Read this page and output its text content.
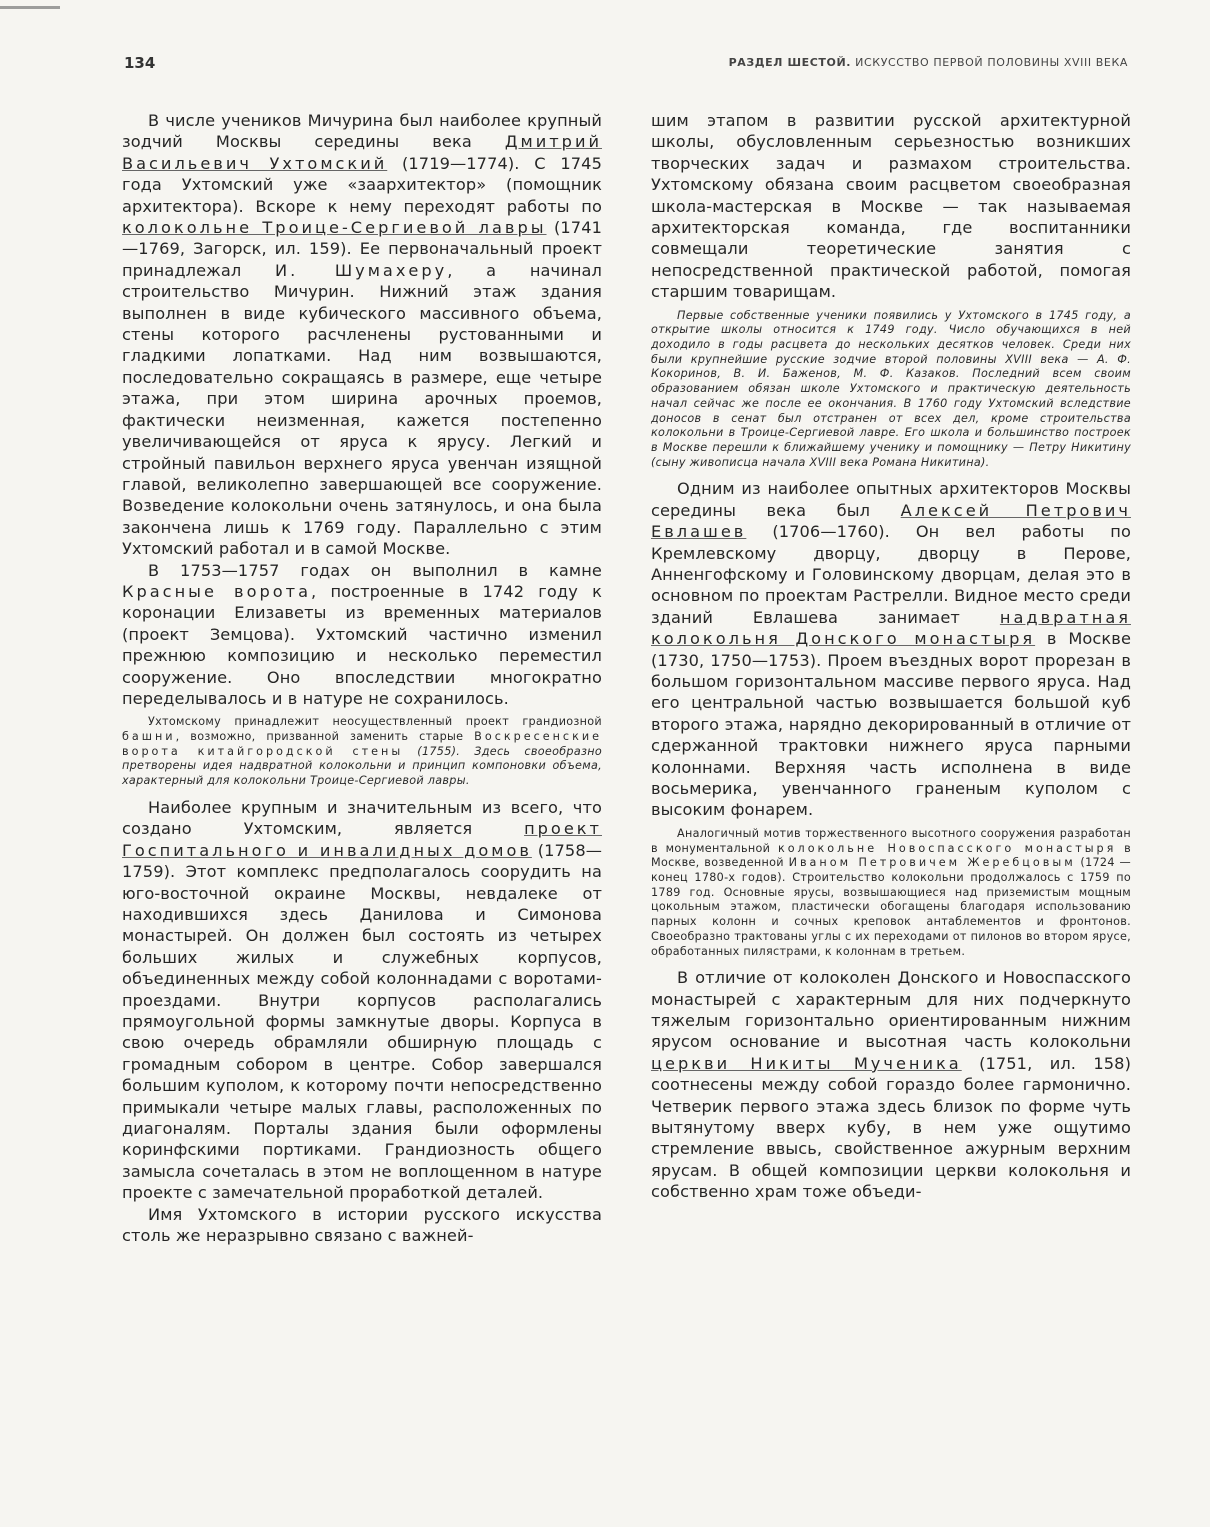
134	РАЗДЕЛ ШЕСТОЙ. ИСКУССТВО ПЕРВОЙ ПОЛОВИНЫ XVIII ВЕКА

В числе учеников Мичурина был наиболее крупный зодчий Москвы середины века Дмитрий Васильевич Ухтомский (1719—1774). С 1745 года Ухтомский уже «заархитектор» (помощник архитектора). Вскоре к нему переходят работы по колокольне Троице-Сергиевой лавры (1741—1769, Загорск, ил. 159). Ее первоначальный проект принадлежал И. Шумахеру, а начинал строительство Мичурин. Нижний этаж здания выполнен в виде кубического массивного объема, стены которого расчленены рустованными и гладкими лопатками. Над ним возвышаются, последовательно сокращаясь в размере, еще четыре этажа, при этом ширина арочных проемов, фактически неизменная, кажется постепенно увеличивающейся от яруса к ярусу. Легкий и стройный павильон верхнего яруса увенчан изящной главой, великолепно завершающей все сооружение. Возведение колокольни очень затянулось, и она была закончена лишь к 1769 году. Параллельно с этим Ухтомский работал и в самой Москве.

В 1753—1757 годах он выполнил в камне Красные ворота, построенные в 1742 году к коронации Елизаветы из временных материалов (проект Земцова). Ухтомский частично изменил прежнюю композицию и несколько переместил сооружение. Оно впоследствии многократно переделывалось и в натуре не сохранилось.

Ухтомскому принадлежит неосуществленный проект грандиозной башни, возможно, призванной заменить старые Воскресенские ворота китайгородской стены (1755). Здесь своеобразно претворены идея надвратной колокольни и принцип компоновки объема, характерный для колокольни Троице-Сергиевой лавры.

Наиболее крупным и значительным из всего, что создано Ухтомским, является проект Госпитального и инвалидных домов (1758—1759). Этот комплекс предполагалось соорудить на юго-восточной окраине Москвы, невдалеке от находившихся здесь Данилова и Симонова монастырей. Он должен был состоять из четырех больших жилых и служебных корпусов, объединенных между собой колоннадами с воротами-проездами. Внутри корпусов располагались прямоугольной формы замкнутые дворы. Корпуса в свою очередь обрамляли обширную площадь с громадным собором в центре. Собор завершался большим куполом, к которому почти непосредственно примыкали четыре малых главы, расположенных по диагоналям. Порталы здания были оформлены коринфскими портиками. Грандиозность общего замысла сочеталась в этом не воплощенном в натуре проекте с замечательной проработкой деталей.

Имя Ухтомского в истории русского искусства столь же неразрывно связано с важней-

шим этапом в развитии русской архитектурной школы, обусловленным серьезностью возникших творческих задач и размахом строительства. Ухтомскому обязана своим расцветом своеобразная школа-мастерская в Москве — так называемая архитекторская команда, где воспитанники совмещали теоретические занятия с непосредственной практической работой, помогая старшим товарищам.

Первые собственные ученики появились у Ухтомского в 1745 году, а открытие школы относится к 1749 году. Число обучающихся в ней доходило в годы расцвета до нескольких десятков человек. Среди них были крупнейшие русские зодчие второй половины XVIII века — А. Ф. Кокоринов, В. И. Баженов, М. Ф. Казаков. Последний всем своим образованием обязан школе Ухтомского и практическую деятельность начал сейчас же после ее окончания. В 1760 году Ухтомский вследствие доносов в сенат был отстранен от всех дел, кроме строительства колокольни в Троице-Сергиевой лавре. Его школа и большинство построек в Москве перешли к ближайшему ученику и помощнику — Петру Никитину (сыну живописца начала XVIII века Романа Никитина).

Одним из наиболее опытных архитекторов Москвы середины века был Алексей Петрович Евлашев (1706—1760). Он вел работы по Кремлевскому дворцу, дворцу в Перове, Анненгофскому и Головинскому дворцам, делая это в основном по проектам Растрелли. Видное место среди зданий Евлашева занимает надвратная колокольня Донского монастыря в Москве (1730, 1750—1753). Проем въездных ворот прорезан в большом горизонтальном массиве первого яруса. Над его центральной частью возвышается большой куб второго этажа, нарядно декорированный в отличие от сдержанной трактовки нижнего яруса парными колоннами. Верхняя часть исполнена в виде восьмерика, увенчанного граненым куполом с высоким фонарем.

Аналогичный мотив торжественного высотного сооружения разработан в монументальной колокольне Новоспасского монастыря в Москве, возведенной Иваном Петровичем Жеребцовым (1724 — конец 1780-х годов). Строительство колокольни продолжалось с 1759 по 1789 год. Основные ярусы, возвышающиеся над приземистым мощным цокольным этажом, пластически обогащены благодаря использованию парных колонн и сочных креповок антаблементов и фронтонов. Своеобразно трактованы углы с их переходами от пилонов во втором ярусе, обработанных пилястрами, к колоннам в третьем.

В отличие от колоколен Донского и Новоспасского монастырей с характерным для них подчеркнуто тяжелым горизонтально ориентированным нижним ярусом основание и высотная часть колокольни церкви Никиты Мученика (1751, ил. 158) соотнесены между собой гораздо более гармонично. Четверик первого этажа здесь близок по форме чуть вытянутому вверх кубу, в нем уже ощутимо стремление ввысь, свойственное ажурным верхним ярусам. В общей композиции церкви колокольня и собственно храм тоже объеди-
